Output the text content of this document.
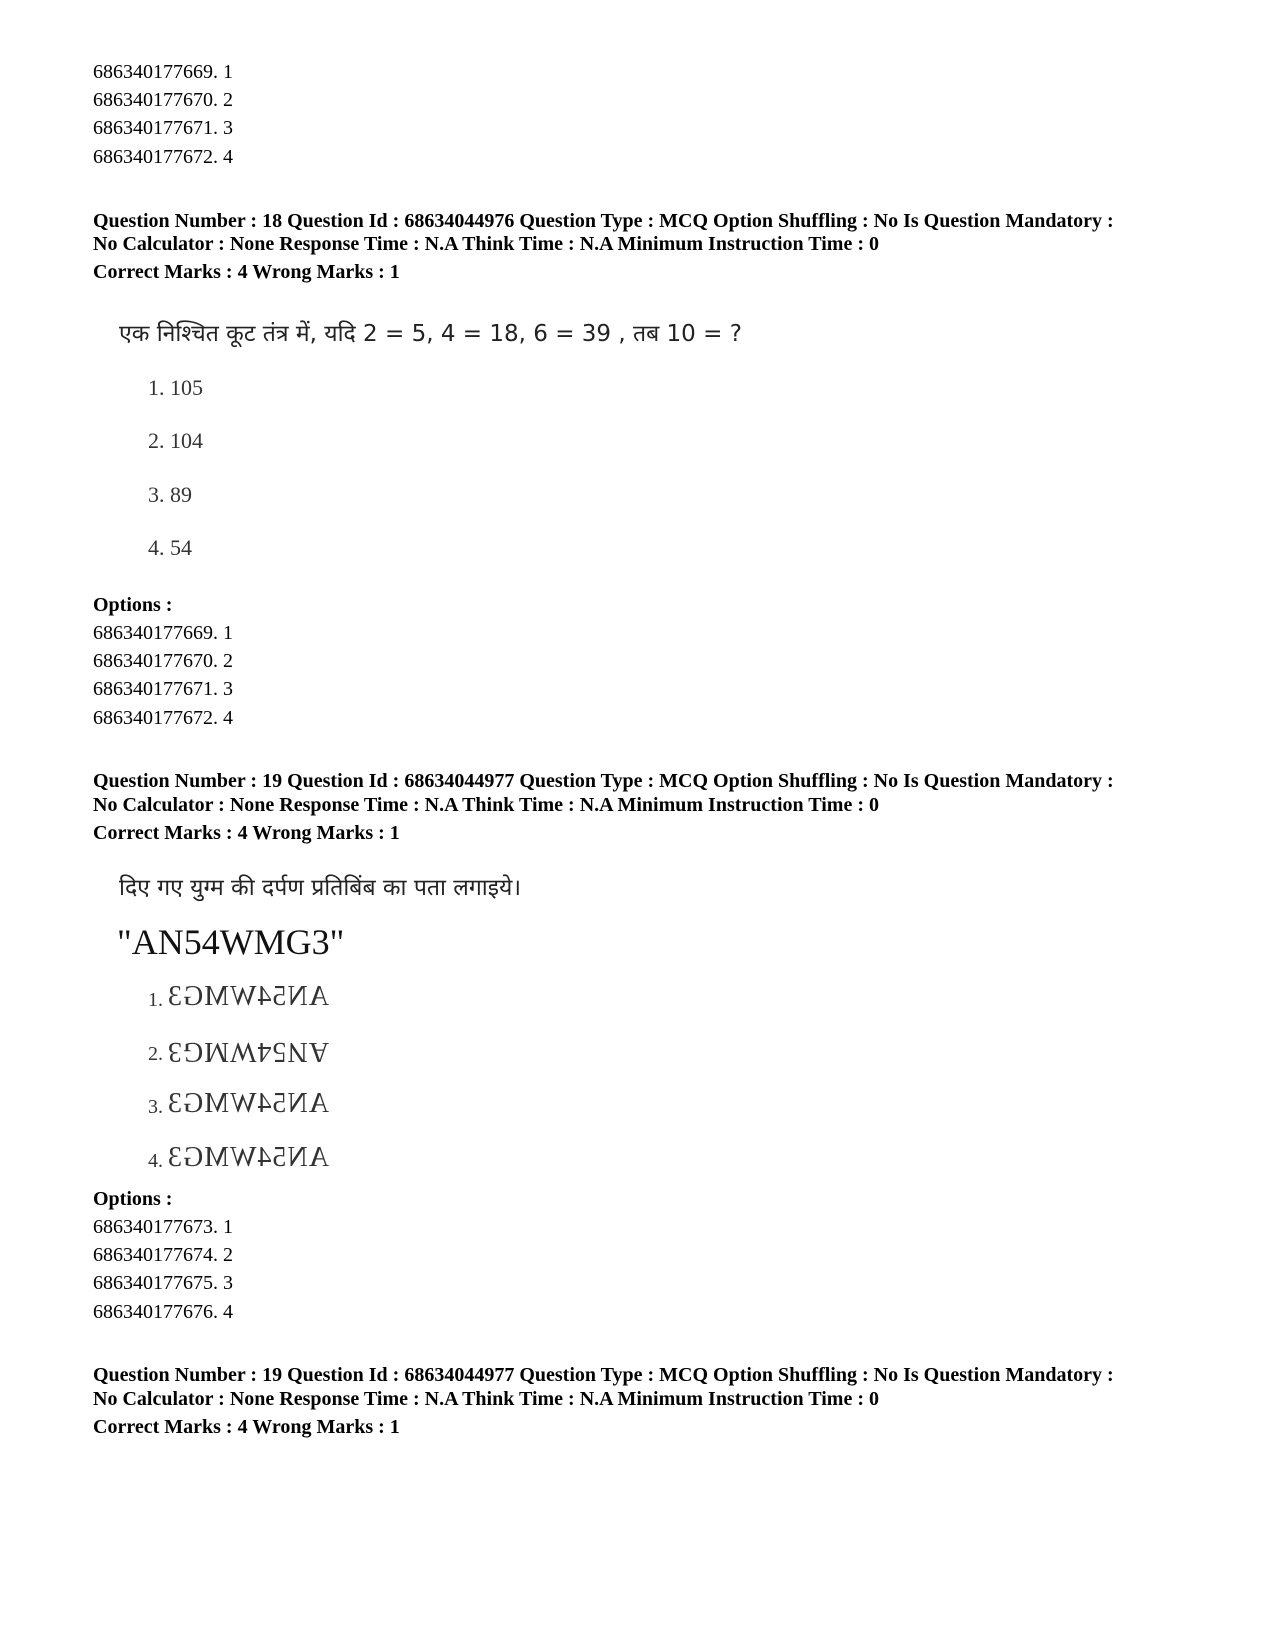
686340177669. 1
686340177670. 2
686340177671. 3
686340177672. 4
Question Number : 18 Question Id : 68634044976 Question Type : MCQ Option Shuffling : No Is Question Mandatory :
No Calculator : None Response Time : N.A Think Time : N.A Minimum Instruction Time : 0
Correct Marks : 4 Wrong Marks : 1
एक निश्चित कूट तंत्र में, यदि 2 = 5, 4 = 18, 6 = 39 , तब 10 = ?
1. 105
2. 104
3. 89
4. 54
Options :
686340177669. 1
686340177670. 2
686340177671. 3
686340177672. 4
Question Number : 19 Question Id : 68634044977 Question Type : MCQ Option Shuffling : No Is Question Mandatory :
No Calculator : None Response Time : N.A Think Time : N.A Minimum Instruction Time : 0
Correct Marks : 4 Wrong Marks : 1
दिए गए युग्म की दर्पण प्रतिबिंब का पता लगाइये।
"AN54WMG3"
1. AN54WMG3
2. AN54WMG3
3. AN54WMG3
4. AN54WMG3
Options :
686340177673. 1
686340177674. 2
686340177675. 3
686340177676. 4
Question Number : 19 Question Id : 68634044977 Question Type : MCQ Option Shuffling : No Is Question Mandatory :
No Calculator : None Response Time : N.A Think Time : N.A Minimum Instruction Time : 0
Correct Marks : 4 Wrong Marks : 1
